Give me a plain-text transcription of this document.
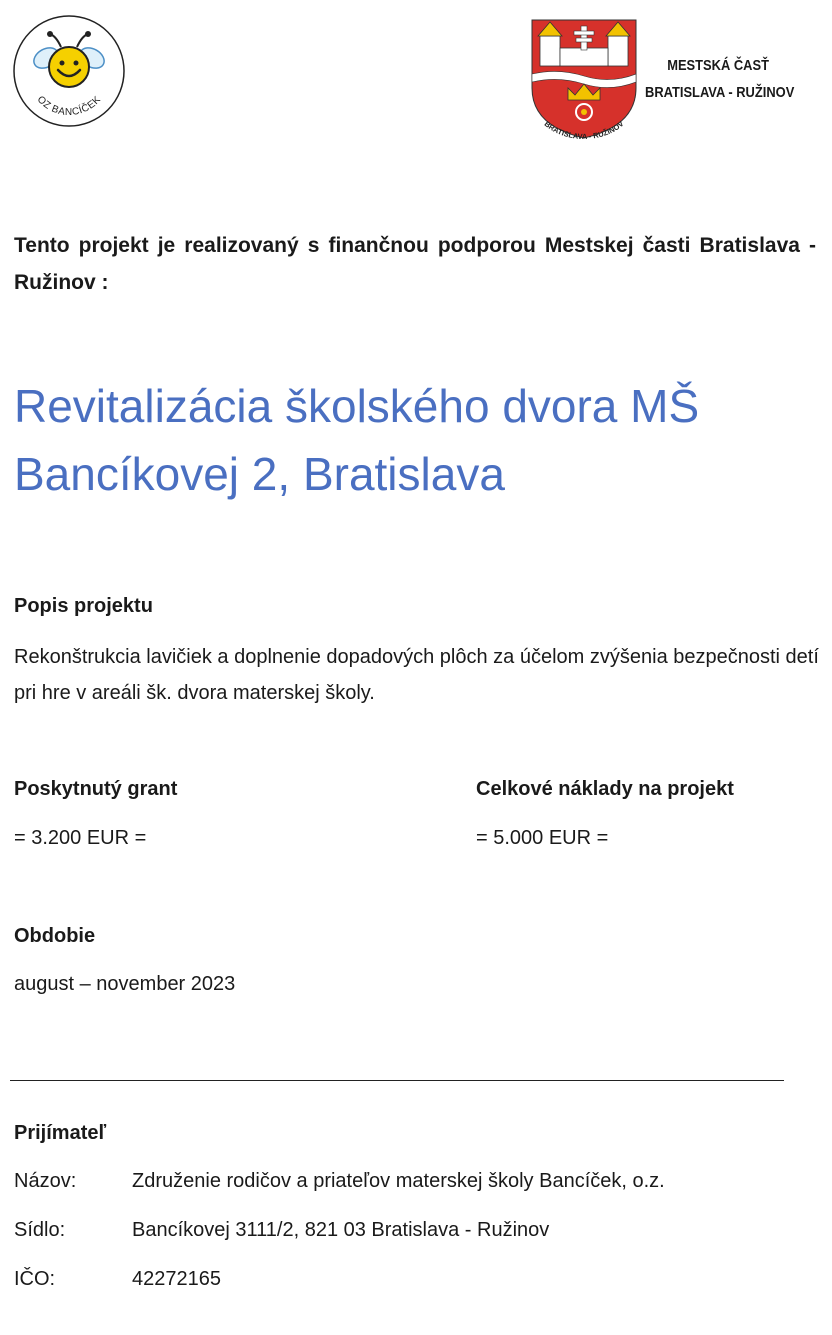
OZ BANCÍČEK
BRATISLAVA - RUŽINOV
MESTSKÁ ČASŤ
BRATISLAVA - RUŽINOV
Tento projekt je realizovaný s finančnou podporou Mestskej časti Bratislava - Ružinov :
Revitalizácia školského dvora MŠ
Bancíkovej 2, Bratislava
Popis projektu
Rekonštrukcia lavičiek a doplnenie dopadových plôch za účelom zvýšenia bezpečnosti detí pri hre v areáli šk. dvora materskej školy.
Poskytnutý grant
= 3.200 EUR =
Celkové náklady na projekt
= 5.000 EUR =
Obdobie
august – november 2023
Prijímateľ
Názov:	Združenie rodičov a priateľov materskej školy Bancíček, o.z.
Sídlo:	Bancíkovej 3111/2, 821 03 Bratislava - Ružinov
IČO:	42272165
